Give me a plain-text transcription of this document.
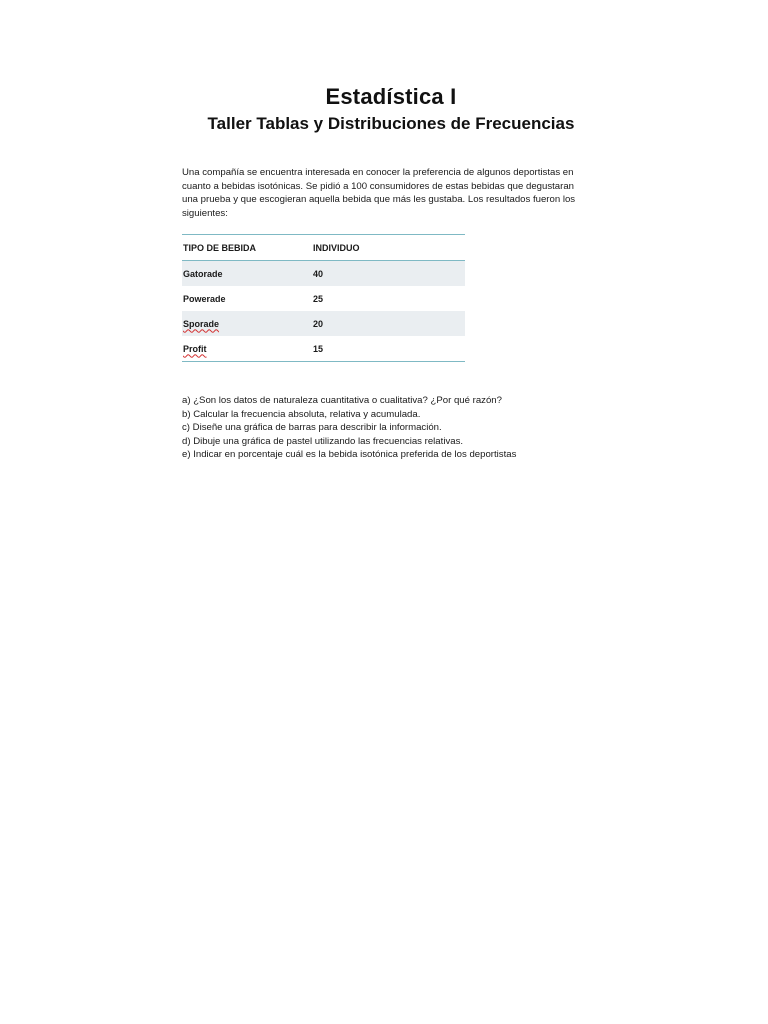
Estadística I
Taller Tablas y Distribuciones de Frecuencias
Una compañía se encuentra interesada en conocer la preferencia de algunos deportistas en
cuanto a bebidas isotónicas. Se pidió a 100 consumidores de estas bebidas que degustaran
una prueba y que escogieran aquella bebida que más les gustaba. Los resultados fueron los
siguientes:
TIPO DE BEBIDA	INDIVIDUO
Gatorade	40
Powerade	25
Sporade	20
Profit	15
a) ¿Son los datos de naturaleza cuantitativa o cualitativa? ¿Por qué razón?
b) Calcular la frecuencia absoluta, relativa y acumulada.
c) Diseñe una gráfica de barras para describir la información.
d) Dibuje una gráfica de pastel utilizando las frecuencias relativas.
e) Indicar en porcentaje cuál es la bebida isotónica preferida de los deportistas
